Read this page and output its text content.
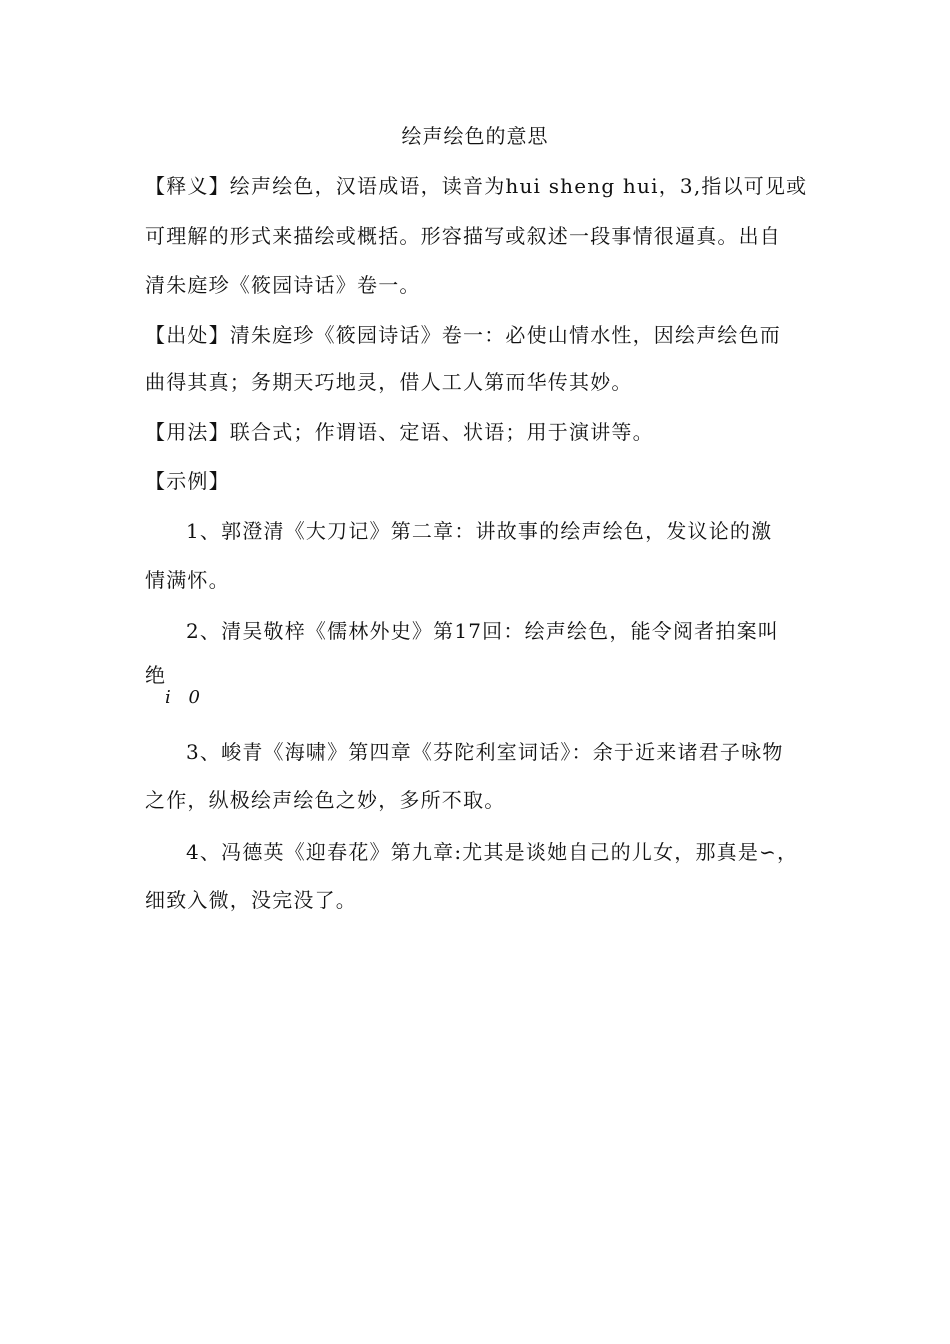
绘声绘色的意思
【释义】绘声绘色，汉语成语，读音为hui sheng hui，3,指以可见或
可理解的形式来描绘或概括。形容描写或叙述一段事情很逼真。出自
清朱庭珍《筱园诗话》卷一。
【出处】清朱庭珍《筱园诗话》卷一：必使山情水性，因绘声绘色而
曲得其真；务期天巧地灵，借人工人第而华传其妙。
【用法】联合式；作谓语、定语、状语；用于演讲等。
【示例】
1、郭澄清《大刀记》第二章：讲故事的绘声绘色，发议论的激
情满怀。
2、清吴敬梓《儒林外史》第17回：绘声绘色，能令阅者拍案叫
绝
i 0
3、峻青《海啸》第四章《芬陀利室词话》：余于近来诸君子咏物
之作，纵极绘声绘色之妙，多所不取。
4、冯德英《迎春花》第九章:尤其是谈她自己的儿女，那真是∽，
细致入微，没完没了。
